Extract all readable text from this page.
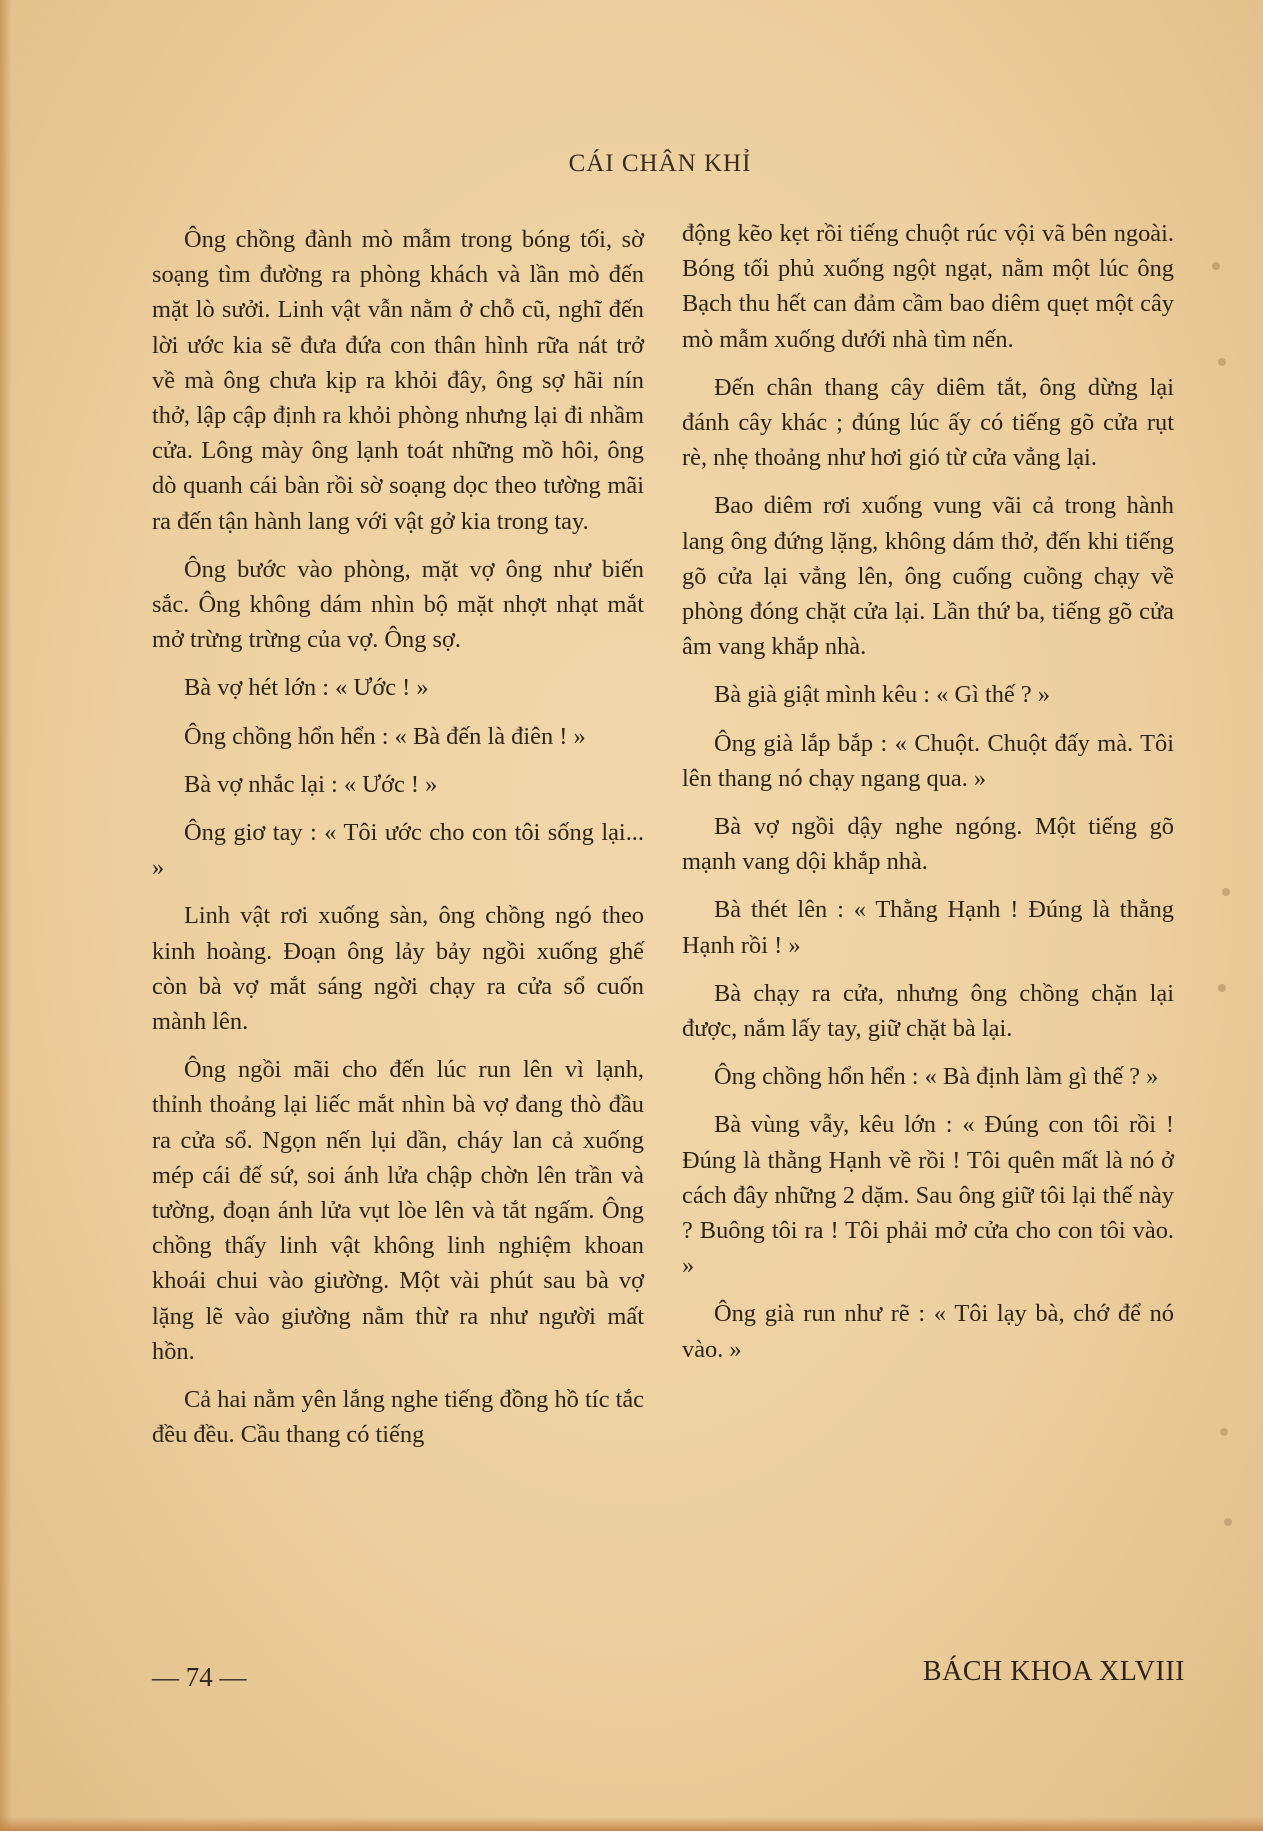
CÁI CHÂN KHỈ

Ông chồng đành mò mẫm trong bóng tối, sờ soạng tìm đường ra phòng khách và lần mò đến mặt lò sưởi. Linh vật vẫn nằm ở chỗ cũ, nghĩ đến lời ước kia sẽ đưa đứa con thân hình rữa nát trở về mà ông chưa kịp ra khỏi đây, ông sợ hãi nín thở, lập cập định ra khỏi phòng nhưng lại đi nhầm cửa. Lông mày ông lạnh toát những mồ hôi, ông dò quanh cái bàn rồi sờ soạng dọc theo tường mãi ra đến tận hành lang với vật gở kia trong tay.

Ông bước vào phòng, mặt vợ ông như biến sắc. Ông không dám nhìn bộ mặt nhợt nhạt mắt mở trừng trừng của vợ. Ông sợ.

Bà vợ hét lớn : « Ước ! »

Ông chồng hổn hển : « Bà đến là điên ! »

Bà vợ nhắc lại : « Ước ! »

Ông giơ tay : « Tôi ước cho con tôi sống lại... »

Linh vật rơi xuống sàn, ông chồng ngó theo kinh hoàng. Đoạn ông lảy bảy ngồi xuống ghế còn bà vợ mắt sáng ngời chạy ra cửa sổ cuốn mành lên.

Ông ngồi mãi cho đến lúc run lên vì lạnh, thỉnh thoảng lại liếc mắt nhìn bà vợ đang thò đầu ra cửa sổ. Ngọn nến lụi dần, cháy lan cả xuống mép cái đế sứ, soi ánh lửa chập chờn lên trần và tường, đoạn ánh lửa vụt lòe lên và tắt ngấm. Ông chồng thấy linh vật không linh nghiệm khoan khoái chui vào giường. Một vài phút sau bà vợ lặng lẽ vào giường nằm thừ ra như người mất hồn.

Cả hai nằm yên lắng nghe tiếng đồng hồ tíc tắc đều đều. Cầu thang có tiếng

động kẽo kẹt rồi tiếng chuột rúc vội vã bên ngoài. Bóng tối phủ xuống ngột ngạt, nằm một lúc ông Bạch thu hết can đảm cầm bao diêm quẹt một cây mò mẫm xuống dưới nhà tìm nến.

Đến chân thang cây diêm tắt, ông dừng lại đánh cây khác ; đúng lúc ấy có tiếng gõ cửa rụt rè, nhẹ thoảng như hơi gió từ cửa vẳng lại.

Bao diêm rơi xuống vung vãi cả trong hành lang ông đứng lặng, không dám thở, đến khi tiếng gõ cửa lại vẳng lên, ông cuống cuồng chạy về phòng đóng chặt cửa lại. Lần thứ ba, tiếng gõ cửa âm vang khắp nhà.

Bà già giật mình kêu : « Gì thế ? »

Ông già lắp bắp : « Chuột. Chuột đấy mà. Tôi lên thang nó chạy ngang qua. »

Bà vợ ngồi dậy nghe ngóng. Một tiếng gõ mạnh vang dội khắp nhà.

Bà thét lên : « Thằng Hạnh ! Đúng là thằng Hạnh rồi ! »

Bà chạy ra cửa, nhưng ông chồng chặn lại được, nắm lấy tay, giữ chặt bà lại.

Ông chồng hổn hển : « Bà định làm gì thế ? »

Bà vùng vẫy, kêu lớn : « Đúng con tôi rồi ! Đúng là thằng Hạnh về rồi ! Tôi quên mất là nó ở cách đây những 2 dặm. Sau ông giữ tôi lại thế này ? Buông tôi ra ! Tôi phải mở cửa cho con tôi vào. »

Ông già run như rẽ : « Tôi lạy bà, chớ để nó vào. »

— 74 —	BÁCH KHOA XLVIII
